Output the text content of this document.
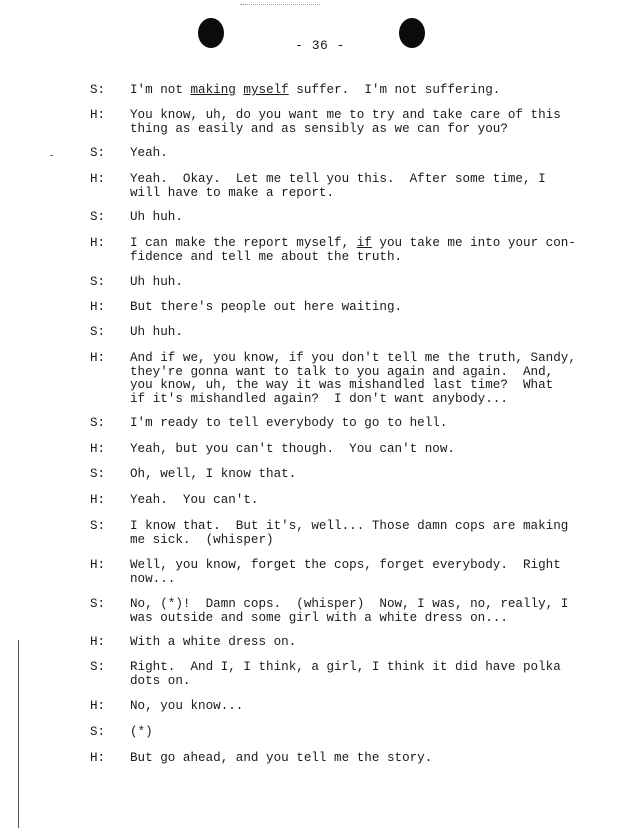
- 36 -
S:	I'm not making myself suffer.  I'm not suffering.
H:	You know, uh, do you want me to try and take care of this
thing as easily and as sensibly as we can for you?
S:	Yeah.
H:	Yeah.  Okay.  Let me tell you this.  After some time, I
will have to make a report.
S:	Uh huh.
H:	I can make the report myself, if you take me into your con-
fidence and tell me about the truth.
S:	Uh huh.
H:	But there's people out here waiting.
S:	Uh huh.
H:	And if we, you know, if you don't tell me the truth, Sandy,
they're gonna want to talk to you again and again.  And,
you know, uh, the way it was mishandled last time?  What
if it's mishandled again?  I don't want anybody...
S:	I'm ready to tell everybody to go to hell.
H:	Yeah, but you can't though.  You can't now.
S:	Oh, well, I know that.
H:	Yeah.  You can't.
S:	I know that.  But it's, well... Those damn cops are making
me sick.  (whisper)
H:	Well, you know, forget the cops, forget everybody.  Right
now...
S:	No, (*)!  Damn cops.  (whisper)  Now, I was, no, really, I
was outside and some girl with a white dress on...
H:	With a white dress on.
S:	Right.  And I, I think, a girl, I think it did have polka
dots on.
H:	No, you know...
S:	(*)
H:	But go ahead, and you tell me the story.
